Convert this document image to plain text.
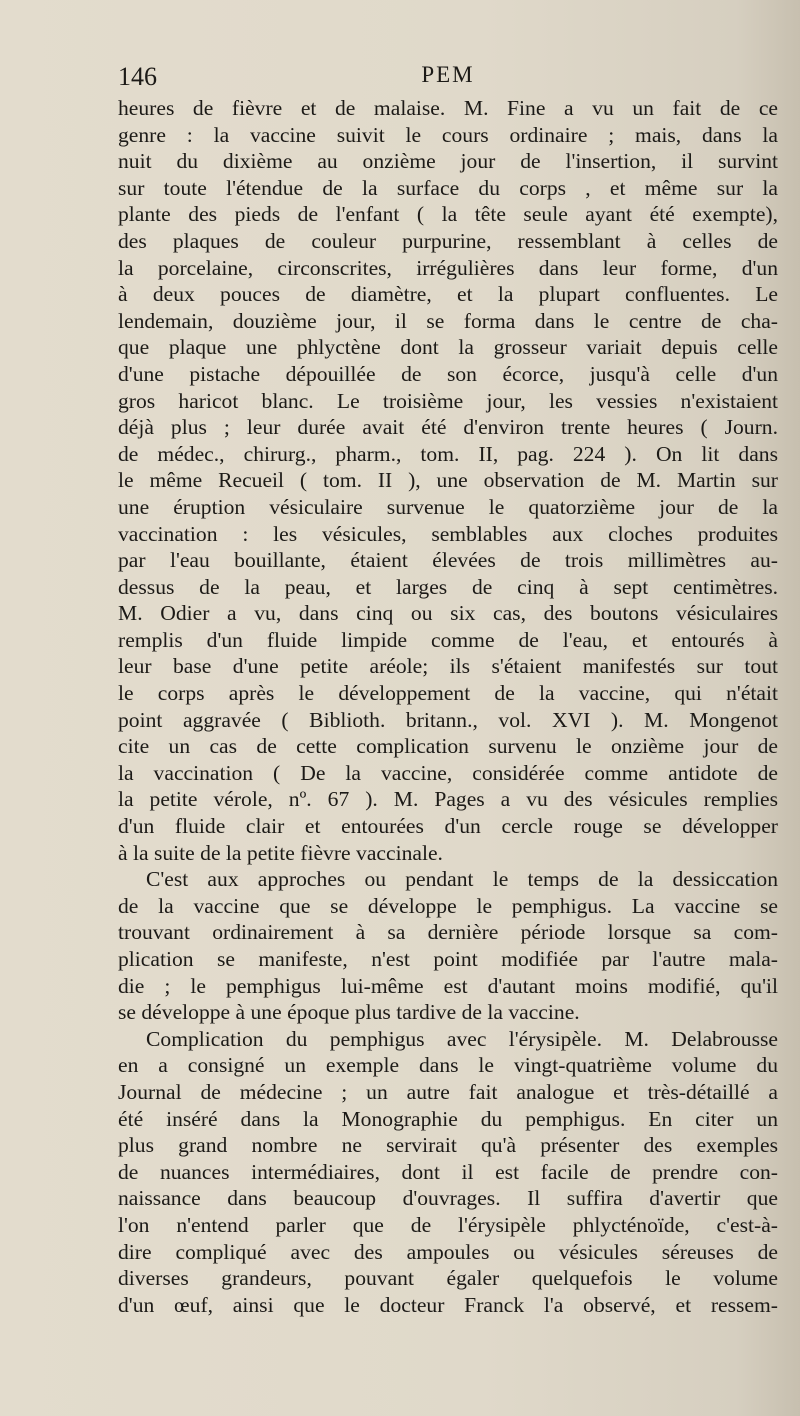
146	PEM
heures de fièvre et de malaise. M. Fine a vu un fait de ce
genre : la vaccine suivit le cours ordinaire ; mais, dans la
nuit du dixième au onzième jour de l'insertion, il survint
sur toute l'étendue de la surface du corps , et même sur la
plante des pieds de l'enfant ( la tête seule ayant été exempte),
des plaques de couleur purpurine, ressemblant à celles de
la porcelaine, circonscrites, irrégulières dans leur forme, d'un
à deux pouces de diamètre, et la plupart confluentes. Le
lendemain, douzième jour, il se forma dans le centre de cha-
que plaque une phlyctène dont la grosseur variait depuis celle
d'une pistache dépouillée de son écorce, jusqu'à celle d'un
gros haricot blanc. Le troisième jour, les vessies n'existaient
déjà plus ; leur durée avait été d'environ trente heures ( Journ.
de médec., chirurg., pharm., tom. II, pag. 224 ). On lit dans
le même Recueil ( tom. II ), une observation de M. Martin sur
une éruption vésiculaire survenue le quatorzième jour de la
vaccination : les vésicules, semblables aux cloches produites
par l'eau bouillante, étaient élevées de trois millimètres au-
dessus de la peau, et larges de cinq à sept centimètres.
M. Odier a vu, dans cinq ou six cas, des boutons vésiculaires
remplis d'un fluide limpide comme de l'eau, et entourés à
leur base d'une petite aréole; ils s'étaient manifestés sur tout
le corps après le développement de la vaccine, qui n'était
point aggravée ( Biblioth. britann., vol. XVI ). M. Mongenot
cite un cas de cette complication survenu le onzième jour de
la vaccination ( De la vaccine, considérée comme antidote de
la petite vérole, nº. 67 ). M. Pages a vu des vésicules remplies
d'un fluide clair et entourées d'un cercle rouge se développer
à la suite de la petite fièvre vaccinale.
C'est aux approches ou pendant le temps de la dessiccation
de la vaccine que se développe le pemphigus. La vaccine se
trouvant ordinairement à sa dernière période lorsque sa com-
plication se manifeste, n'est point modifiée par l'autre mala-
die ; le pemphigus lui-même est d'autant moins modifié, qu'il
se développe à une époque plus tardive de la vaccine.
Complication du pemphigus avec l'érysipèle. M. Delabrousse
en a consigné un exemple dans le vingt-quatrième volume du
Journal de médecine ; un autre fait analogue et très-détaillé a
été inséré dans la Monographie du pemphigus. En citer un
plus grand nombre ne servirait qu'à présenter des exemples
de nuances intermédiaires, dont il est facile de prendre con-
naissance dans beaucoup d'ouvrages. Il suffira d'avertir que
l'on n'entend parler que de l'érysipèle phlycténoïde, c'est-à-
dire compliqué avec des ampoules ou vésicules séreuses de
diverses grandeurs, pouvant égaler quelquefois le volume
d'un œuf, ainsi que le docteur Franck l'a observé, et ressem-
